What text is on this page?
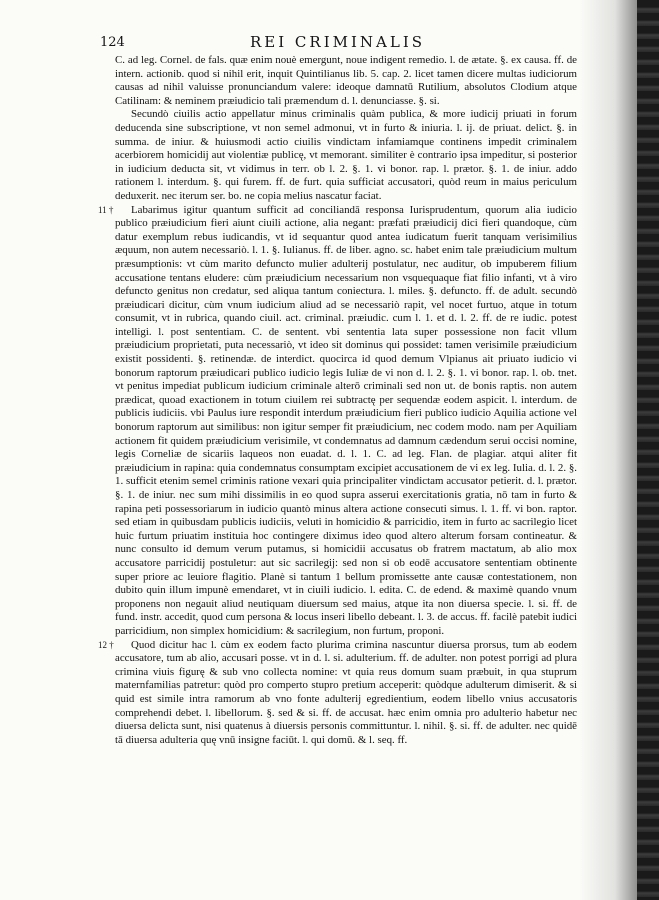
124	REI CRIMINALIS

C. ad leg. Cornel. de fals. quæ enim nouè emergunt, noue indigent remedio. l. de ætate. §. ex causa. ff. de intern. actionib. quod si nihil erit, inquit Quintilianus lib. 5. cap. 2. licet tamen dicere multas iudiciorum causas ad nihil valuisse pronunciandum valere: ideoque damnatū Rutilium, absolutos Clodium atque Catilinam: & neminem præiudicio tali præmendum d. l. denunciasse. §. si.

Secundò ciuilis actio appellatur minus criminalis quàm publica, & more iudicij priuati in forum deducenda sine subscriptione, vt non semel admonui, vt in furto & iniuria. l. ij. de priuat. delict. §. in summa. de iniur. & huiusmodi actio ciuilis vindictam infamiamque continens impedit criminalem acerbiorem homicidij aut violentiæ publicę, vt memorant. similiter è contrario ipsa impeditur, si posterior in iudicium deducta sit, vt vidimus in terr. ob l. 2. §. 1. vi bonor. rap. l. prætor. §. 1. de iniur. addo rationem l. interdum. §. qui furem. ff. de furt. quia sufficiat accusatori, quòd reum in maius periculum deduxerit. nec iterum ser. bo. ne copia melius nascatur faciat.

11 †	Labarimus igitur quantum sufficit ad conciliandā responsa Iurisprudentum, quorum alia iudicio publico præiudicium fieri aiunt ciuili actione, alia negant: præfati præiudicij dici fieri quandoque, cùm datur exemplum rebus iudicandis, vt id sequantur quod antea iudicatum fuerit tanquam verisimilius æquum, non autem necessariò. l. 1. §. Iulianus. ff. de liber. agno. sc. habet enim tale præiudicium multum præsumptionis: vt cùm marito defuncto mulier adulterij postulatur, nec auditur, ob impuberem filium accusatione tentans eludere: cùm præiudicium necessarium non vsquequaque fiat filio infanti, vt à viro defuncto genitus non credatur, sed aliqua tantum coniectura. l. miles. §. defuncto. ff. de adult. secundò præiudicari dicitur, cùm vnum iudicium aliud ad se necessariò rapit, vel nocet furtuo, atque in totum consumit, vt in rubrica, quando ciuil. act. criminal. præiudic. cum l. 1. et d. l. 2. ff. de re iudic. potest intelligi. l. post sententiam. C. de sentent. vbi sententia lata super possessione non facit vllum præiudicium proprietati, puta necessariò, vt ideo sit dominus qui possidet: tamen verisimile præiudicium existit possidenti. §. retinendæ. de interdict. quocirca id quod demum Vlpianus ait priuato iudicio vi bonorum raptorum præiudicari publico iudicio legis Iuliæ de vi non d. l. 2. §. 1. vi bonor. rap. l. ob. tnet. vt penitus impediat publicum iudicium criminale alterō criminali sed non ut. de bonis raptis. non autem prædicat, quoad exactionem in totum ciuilem rei subtractę per sequendæ eodem aspicit. l. interdum. de publicis iudiciis. vbi Paulus iure respondit interdum præiudicium fieri publico iudicio Aquilia actione vel bonorum raptorum aut similibus: non igitur semper fit præiudicium, nec codem modo. nam per Aquiliam actionem fit quidem præiudicium verisimile, vt condemnatus ad damnum cædendum serui occisi nomine, legis Corneliæ de sicariis laqueos non euadat. d. l. 1. C. ad leg. Flan. de plagiar. atqui aliter fit præiudicium in rapina: quia condemnatus consumptam excipiet accusationem de vi ex leg. Iulia. d. l. 2. §. 1. sufficit etenim semel criminis ratione vexari quia principaliter vindictam accusator petierit. d. l. prætor. §. 1. de iniur. nec sum mihi dissimilis in eo quod supra asserui exercitationis gratia, nō tam in furto & rapina peti possessoriarum in iudicio quantò minus altera actione consecuti simus. l. 1. ff. vi bon. raptor. sed etiam in quibusdam publicis iudiciis, veluti in homicidio & parricidio, item in furto ac sacrilegio licet huic furtum priuatim instituia hoc contingere diximus ideo quod altero alterum forsam contineatur. & nunc consulto id demum verum putamus, si homicidii accusatus ob fratrem mactatum, ab alio mox accusatore parricidij postuletur: aut sic sacrilegij: sed non si ob eodē accusatore sententiam obtinente super priore ac leuiore flagitio. Planè si tantum 1 bellum promissette ante causæ contestationem, non dubito quin illum impunè emendaret, vt in ciuili iudicio. l. edita. C. de edend. & maximè quando vnum proponens non negauit aliud neutiquam diuersum sed maius, atque ita non diuersa specie. l. si. ff. de fund. instr. accedit, quod cum persona & locus inseri libello debeant. l. 3. de accus. ff. facilè patebit iudici parricidium, non simplex homicidium: & sacrilegium, non furtum, proponi.

12 †	Quod dicitur hac l. cùm ex eodem facto plurima crimina nascuntur diuersa prorsus, tum ab eodem accusatore, tum ab alio, accusari posse. vt in d. l. si. adulterium. ff. de adulter. non potest porrigi ad plura crimina viuis figurę & sub vno collecta nomine: vt quia reus domum suam præbuit, in qua stuprum maternfamilias patretur: quòd pro comperto stupro pretium acceperit: quòdque adulterum dimiserit. & si quid est simile intra ramorum ab vno fonte adulterij egredientium, eodem libello vnius accusatoris comprehendi debet. l. libellorum. §. sed & si. ff. de accusat. hæc enim omnia pro adulterio habetur nec diuersa delicta sunt, nisi quatenus à diuersis personis committuntur. l. nihil. §. si. ff. de adulter. nec quidē tā diuersa adulteria quę vnū insigne faciūt. l. qui domū. & l. seq. ff.
